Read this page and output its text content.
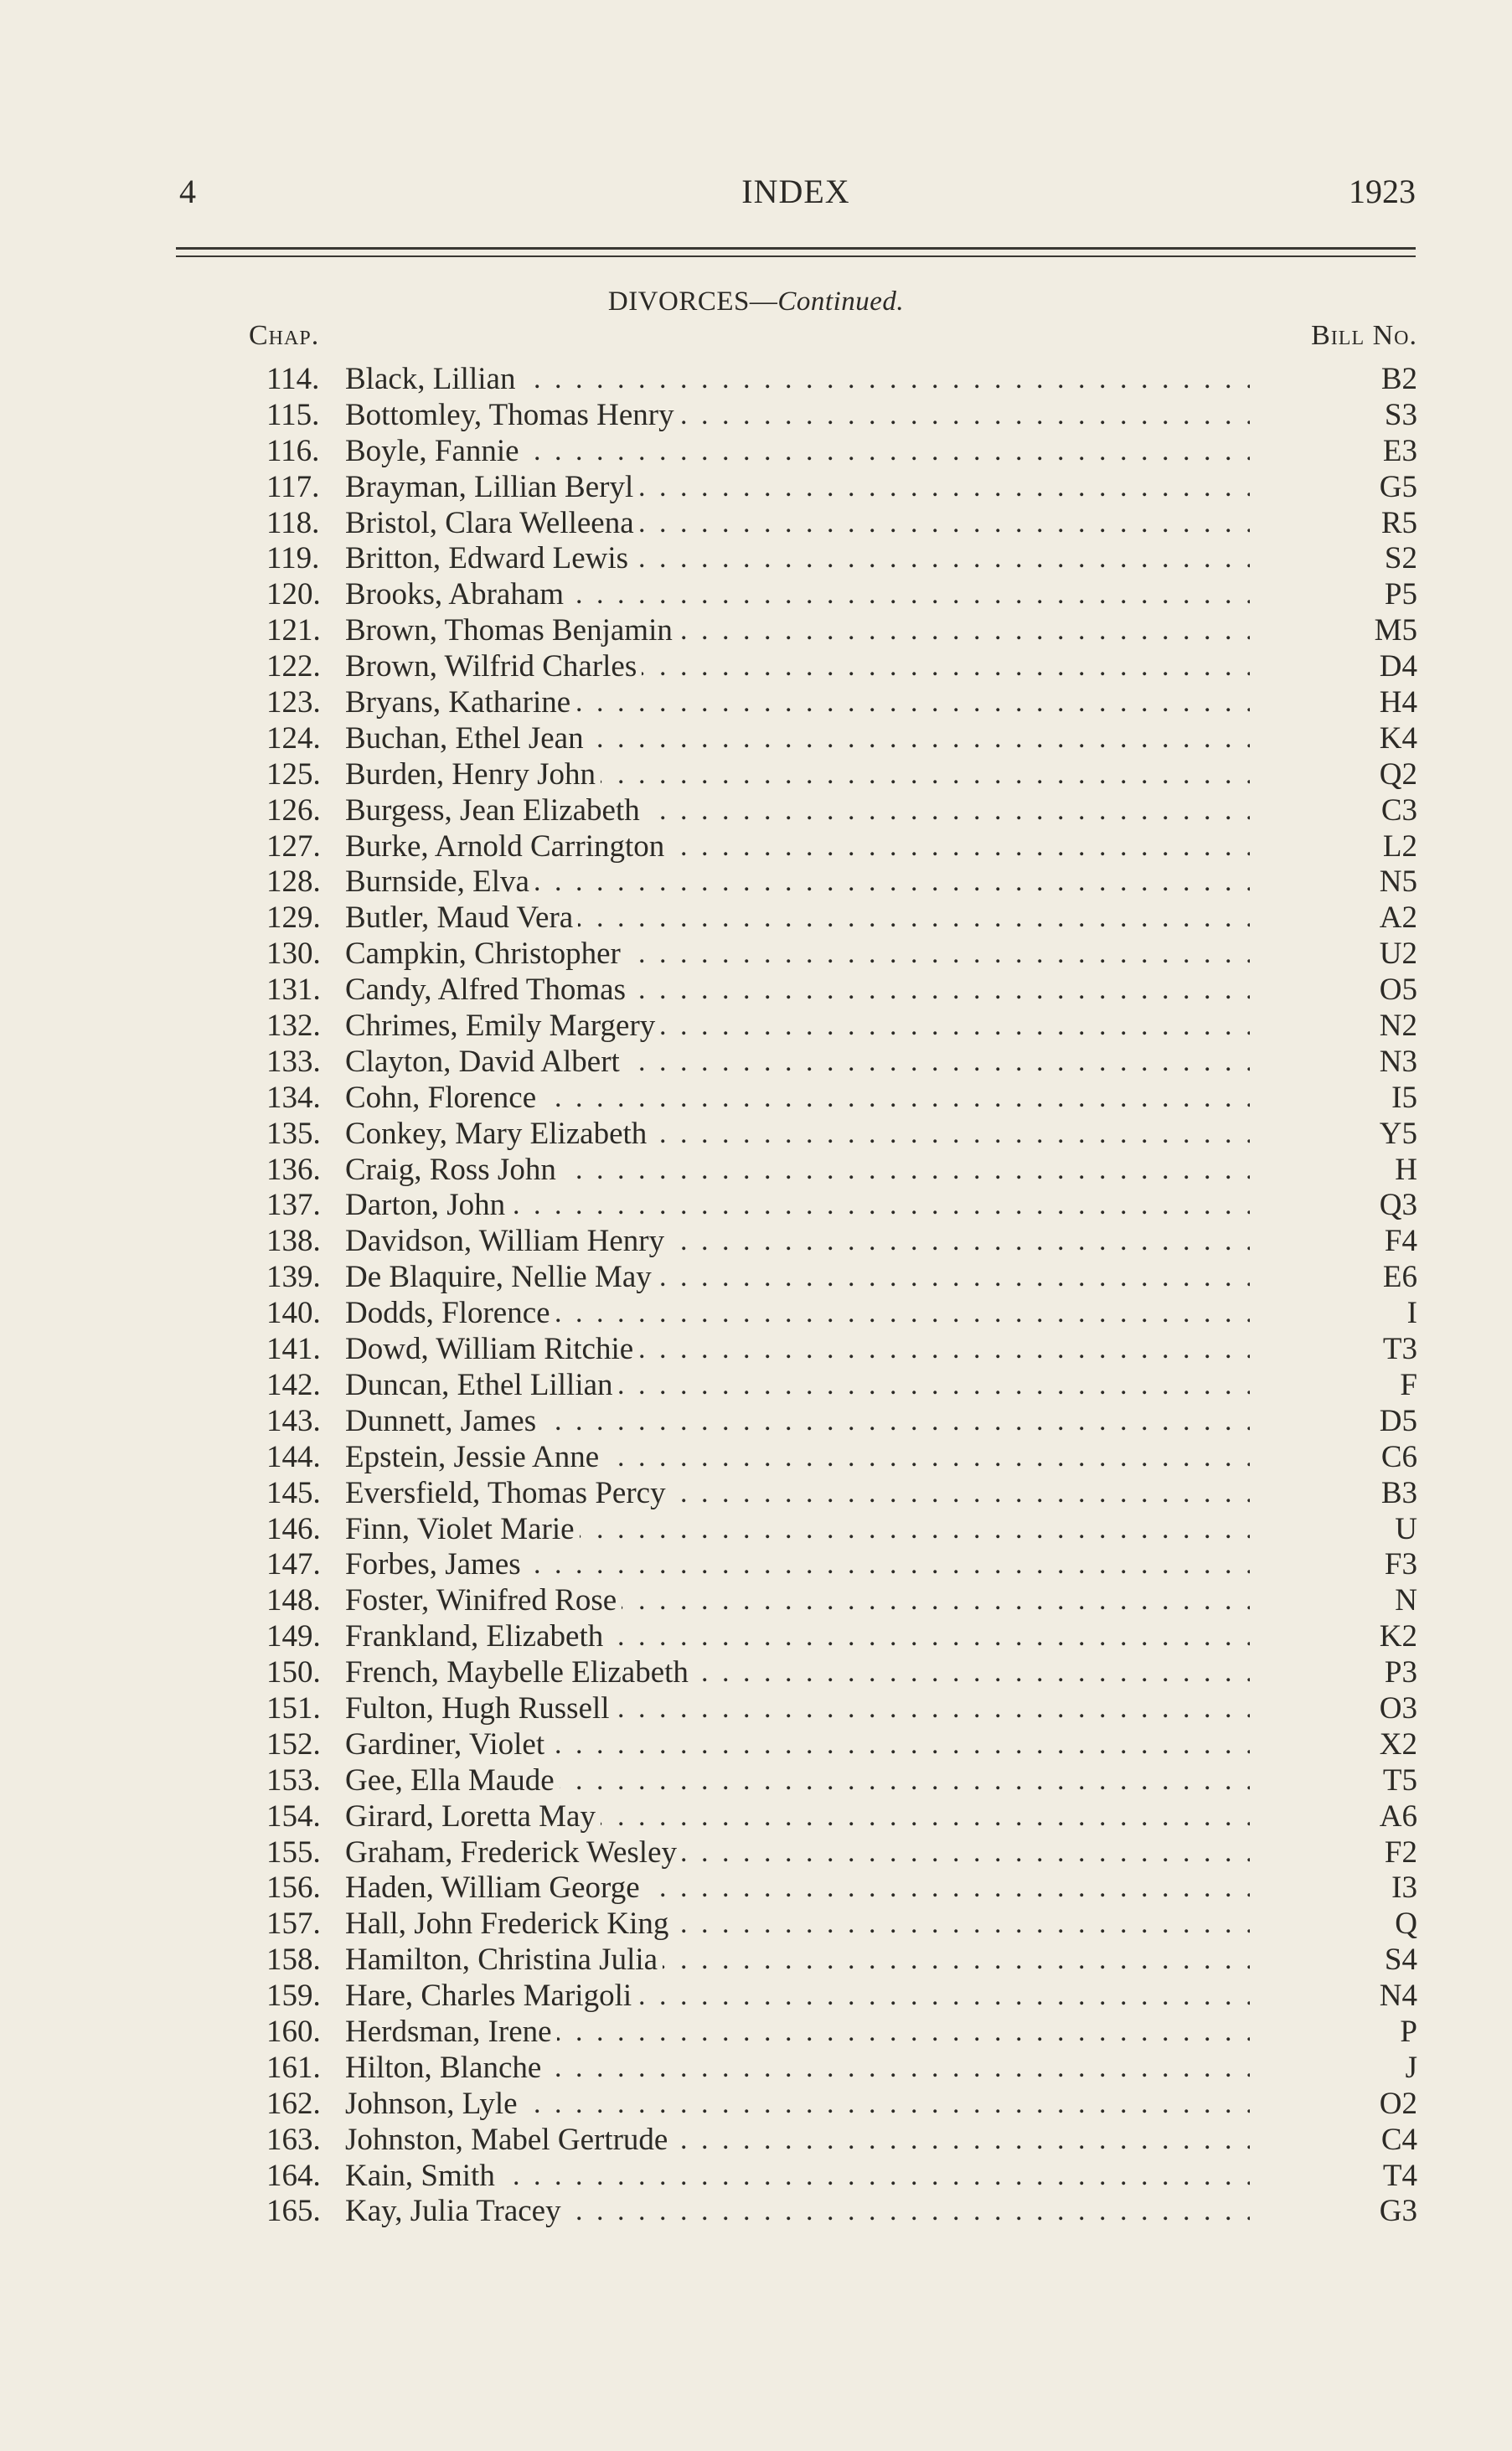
4	INDEX	1923
DIVORCES—Continued.
Chap.	Bill No.
114. Black, Lillian . . .	B2
115. Bottomley, Thomas Henry . . .	S3
116. Boyle, Fannie . . .	E3
117. Brayman, Lillian Beryl . . .	G5
118. Bristol, Clara Welleena . . .	R5
119. Britton, Edward Lewis . . .	S2
120. Brooks, Abraham . . .	P5
121. Brown, Thomas Benjamin . . .	M5
122. Brown, Wilfrid Charles . . .	D4
123. Bryans, Katharine . . .	H4
124. Buchan, Ethel Jean . . .	K4
125. Burden, Henry John . . .	Q2
126. Burgess, Jean Elizabeth . . .	C3
127. Burke, Arnold Carrington . . .	L2
128. Burnside, Elva . . .	N5
129. Butler, Maud Vera . . .	A2
130. Campkin, Christopher . . .	U2
131. Candy, Alfred Thomas . . .	O5
132. Chrimes, Emily Margery . . .	N2
133. Clayton, David Albert . . .	N3
134. Cohn, Florence . . .	I5
135. Conkey, Mary Elizabeth . . .	Y5
136. Craig, Ross John . . .	H
137. Darton, John . . .	Q3
138. Davidson, William Henry . . .	F4
139. De Blaquire, Nellie May . . .	E6
140. Dodds, Florence . . .	I
141. Dowd, William Ritchie . . .	T3
142. Duncan, Ethel Lillian . . .	F
143. Dunnett, James . . .	D5
144. Epstein, Jessie Anne . . .	C6
145. Eversfield, Thomas Percy . . .	B3
146. Finn, Violet Marie . . .	U
147. Forbes, James . . .	F3
148. Foster, Winifred Rose . . .	N
149. Frankland, Elizabeth . . .	K2
150. French, Maybelle Elizabeth . . .	P3
151. Fulton, Hugh Russell . . .	O3
152. Gardiner, Violet . . .	X2
153. Gee, Ella Maude . . .	T5
154. Girard, Loretta May . . .	A6
155. Graham, Frederick Wesley . . .	F2
156. Haden, William George . . .	I3
157. Hall, John Frederick King . . .	Q
158. Hamilton, Christina Julia . . .	S4
159. Hare, Charles Marigoli . . .	N4
160. Herdsman, Irene . . .	P
161. Hilton, Blanche . . .	J
162. Johnson, Lyle . . .	O2
163. Johnston, Mabel Gertrude . . .	C4
164. Kain, Smith . . .	T4
165. Kay, Julia Tracey . . .	G3
